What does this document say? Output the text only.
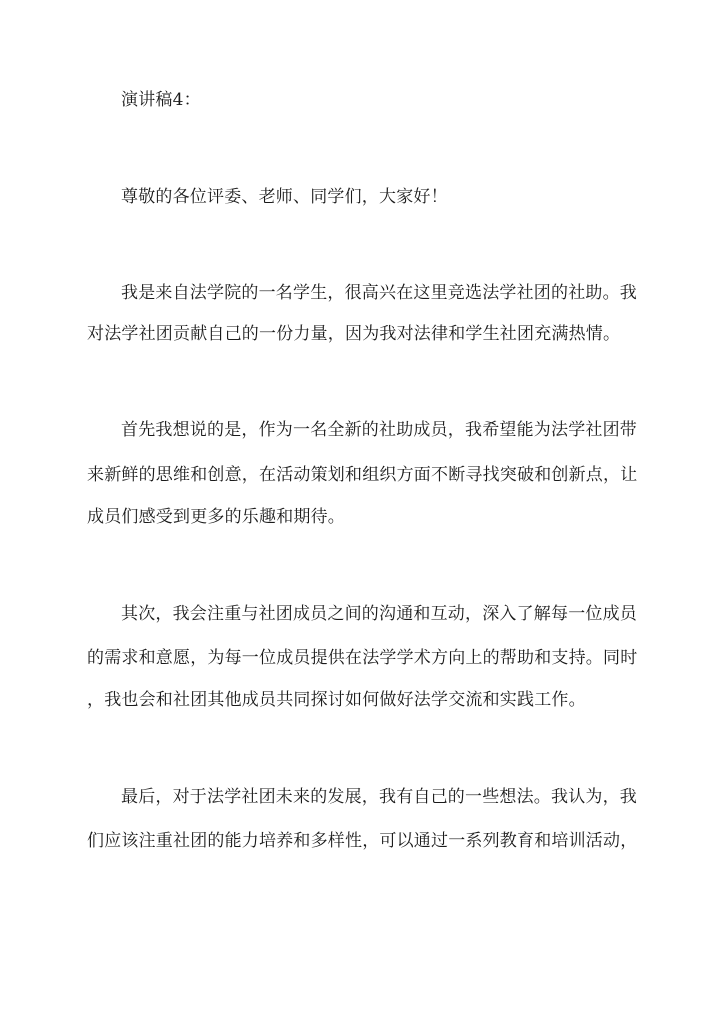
演讲稿4：
尊敬的各位评委、老师、同学们，大家好！
我是来自法学院的一名学生，很高兴在这里竞选法学社团的社助。我
对法学社团贡献自己的一份力量，因为我对法律和学生社团充满热情。
首先我想说的是，作为一名全新的社助成员，我希望能为法学社团带
来新鲜的思维和创意，在活动策划和组织方面不断寻找突破和创新点，让
成员们感受到更多的乐趣和期待。
其次，我会注重与社团成员之间的沟通和互动，深入了解每一位成员
的需求和意愿，为每一位成员提供在法学学术方向上的帮助和支持。同时
，我也会和社团其他成员共同探讨如何做好法学交流和实践工作。
最后，对于法学社团未来的发展，我有自己的一些想法。我认为，我
们应该注重社团的能力培养和多样性，可以通过一系列教育和培训活动，
